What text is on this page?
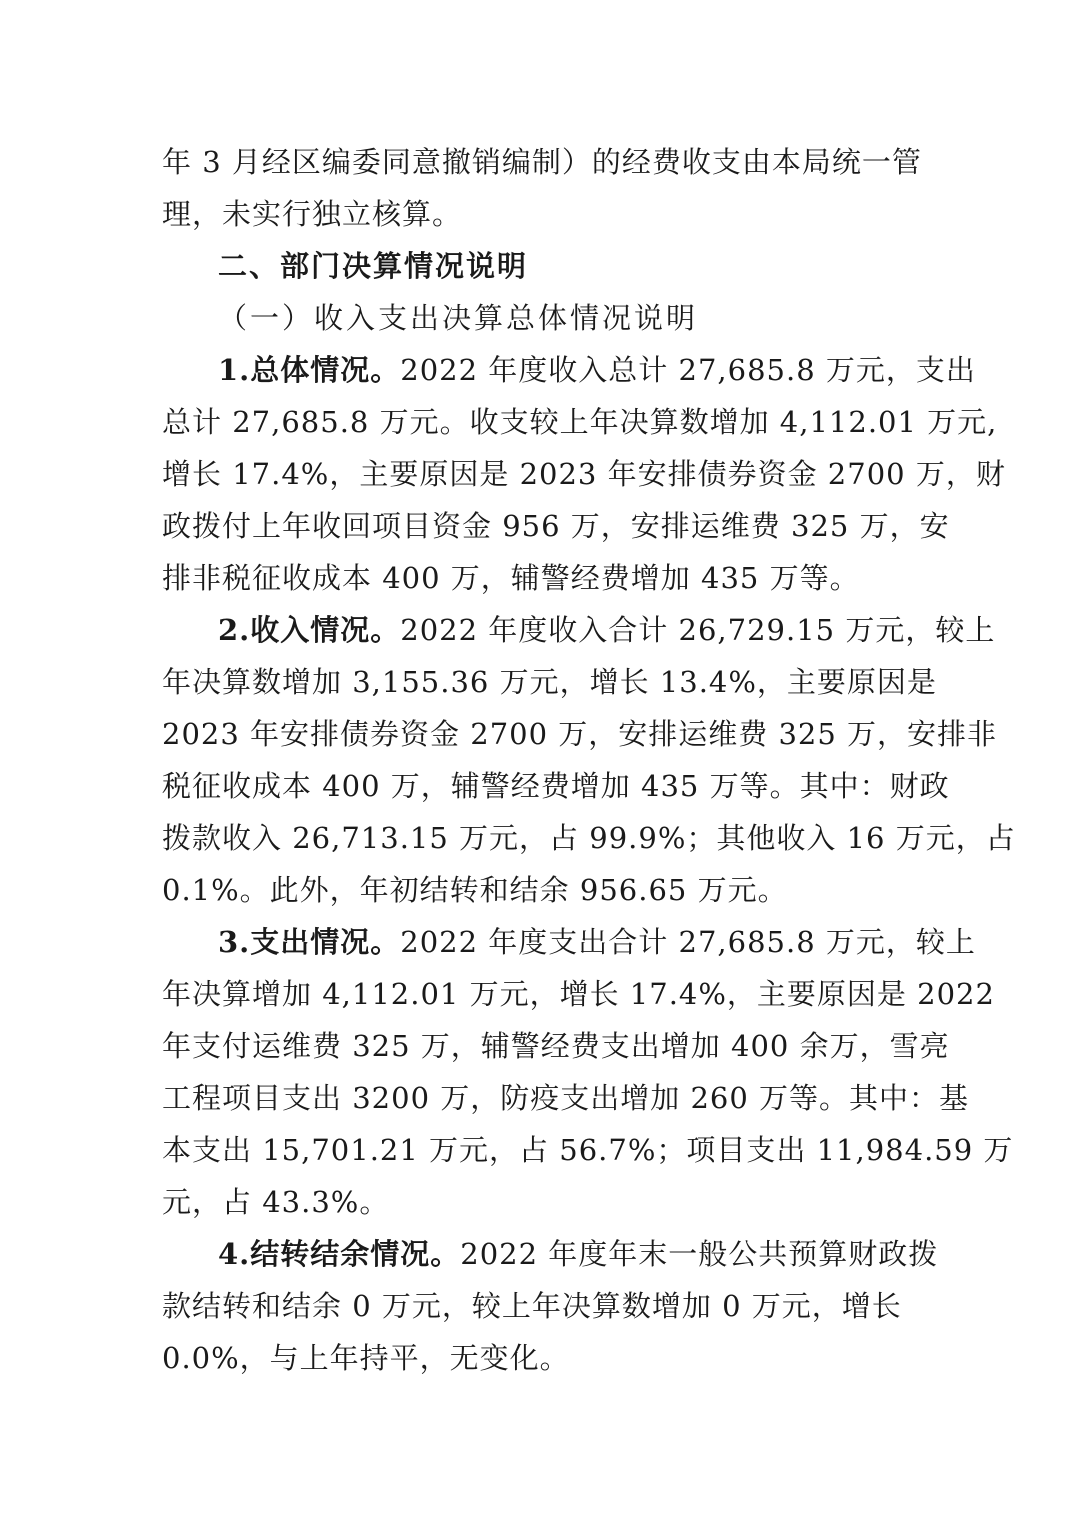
年 3 月经区编委同意撤销编制）的经费收支由本局统一管
理，未实行独立核算。
二、部门决算情况说明
（一）收入支出决算总体情况说明
1.总体情况。2022 年度收入总计 27,685.8 万元，支出
总计 27,685.8 万元。收支较上年决算数增加 4,112.01 万元,
增长 17.4%，主要原因是 2023 年安排债券资金 2700 万，财
政拨付上年收回项目资金 956 万，安排运维费 325 万，安
排非税征收成本 400 万，辅警经费增加 435 万等。
2.收入情况。2022 年度收入合计 26,729.15 万元，较上
年决算数增加 3,155.36 万元，增长 13.4%，主要原因是
2023 年安排债券资金 2700 万，安排运维费 325 万，安排非
税征收成本 400 万，辅警经费增加 435 万等。其中：财政
拨款收入 26,713.15 万元，占 99.9%；其他收入 16 万元，占
0.1%。此外，年初结转和结余 956.65 万元。
3.支出情况。2022 年度支出合计 27,685.8 万元，较上
年决算增加 4,112.01 万元，增长 17.4%，主要原因是 2022
年支付运维费 325 万，辅警经费支出增加 400 余万，雪亮
工程项目支出 3200 万，防疫支出增加 260 万等。其中：基
本支出 15,701.21 万元，占 56.7%；项目支出 11,984.59 万
元，占 43.3%。
4.结转结余情况。2022 年度年末一般公共预算财政拨
款结转和结余 0 万元，较上年决算数增加 0 万元，增长
0.0%，与上年持平，无变化。
